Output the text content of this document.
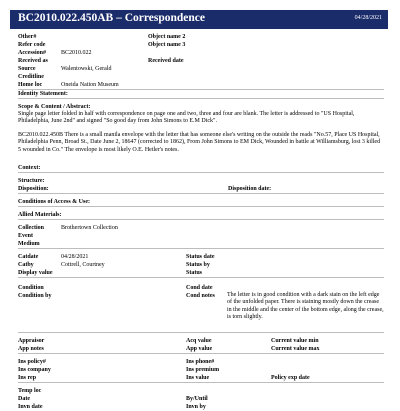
BC2010.022.450AB – Correspondence	04/28/2021
Other#	Object name 2
Refer code	Object name 3
Accession#	BC2010.022
Received as	Received date
Source	Walentowski, Gerald
Creditline
Home loc	Oneida Nation Museum
Identity Statement:
Scope & Content / Abstract:

Single page letter folded in half with correspondence on page one and two, three and four are blank. The letter is addressed to "US Hospital, Philadelphia, June 2nd" and signed "So good day from John Simons to E.M Dick".

BC2010.022.450B There is a small manila envelope with the letter that has someone else's writing on the outside the reads "No.57, Place US Hospital, Philadelphia Penn, Broad St., Date June 2, 18647 (corrected to 1862), From John Simons to EM Dick, Wounded in battle at Williamsburg, lost 3 killed 5 wounded in Co." The envelope is most likely O.E. Hetler's notes.

Context:
Structure:
Disposition:	Disposition date:
Conditions of Access & Use:
Allied Materials:
Collection	Brothertown Collection
Event
Medium
Catdate	04/28/2021	Status date
Catby	Cottrell, Courtney	Status by
Display value	Status
Condition	Cond date
Condition by	Cond notes The letter is in good condition with a dark stain on the left edge of the unfolded paper. There is staining mostly down the crease in the middle and the center of the bottom edge, along the crease, is torn slightly.
Appraisor	Acq value	Current value min
App notes	App value	Current value max
Ins policy#	Ins phone#
Ins company	Ins premium
Ins rep	Ins value	Policy exp date
Temp loc
Date	By/Until
Invn date	Invn by
